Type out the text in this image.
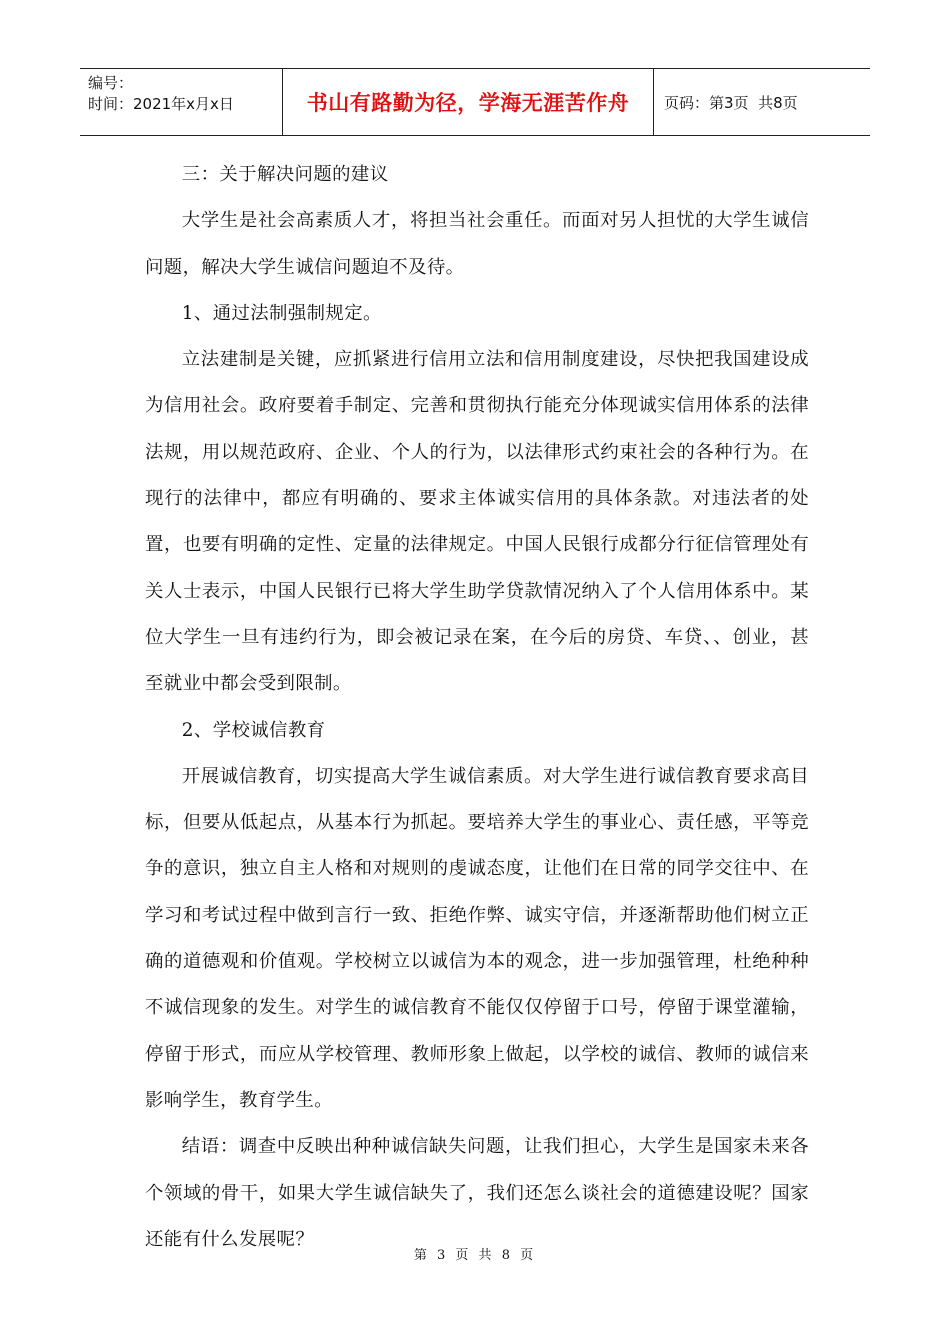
编号：
时间：2021年x月x日	书山有路勤为径，学海无涯苦作舟	页码：第3页  共8页

三：关于解决问题的建议

大学生是社会高素质人才，将担当社会重任。而面对另人担忧的大学生诚信问题，解决大学生诚信问题迫不及待。

1、通过法制强制规定。

立法建制是关键，应抓紧进行信用立法和信用制度建设，尽快把我国建设成为信用社会。政府要着手制定、完善和贯彻执行能充分体现诚实信用体系的法律法规，用以规范政府、企业、个人的行为，以法律形式约束社会的各种行为。在现行的法律中，都应有明确的、要求主体诚实信用的具体条款。对违法者的处置，也要有明确的定性、定量的法律规定。中国人民银行成都分行征信管理处有关人士表示，中国人民银行已将大学生助学贷款情况纳入了个人信用体系中。某位大学生一旦有违约行为，即会被记录在案，在今后的房贷、车贷、、创业，甚至就业中都会受到限制。

2、学校诚信教育

开展诚信教育，切实提高大学生诚信素质。对大学生进行诚信教育要求高目标，但要从低起点，从基本行为抓起。要培养大学生的事业心、责任感，平等竞争的意识，独立自主人格和对规则的虔诚态度，让他们在日常的同学交往中、在学习和考试过程中做到言行一致、拒绝作弊、诚实守信，并逐渐帮助他们树立正确的道德观和价值观。学校树立以诚信为本的观念，进一步加强管理，杜绝种种不诚信现象的发生。对学生的诚信教育不能仅仅停留于口号，停留于课堂灌输，停留于形式，而应从学校管理、教师形象上做起，以学校的诚信、教师的诚信来影响学生，教育学生。

结语：调查中反映出种种诚信缺失问题，让我们担心，大学生是国家未来各个领域的骨干，如果大学生诚信缺失了，我们还怎么谈社会的道德建设呢？国家还能有什么发展呢？

第 3 页 共 8 页
